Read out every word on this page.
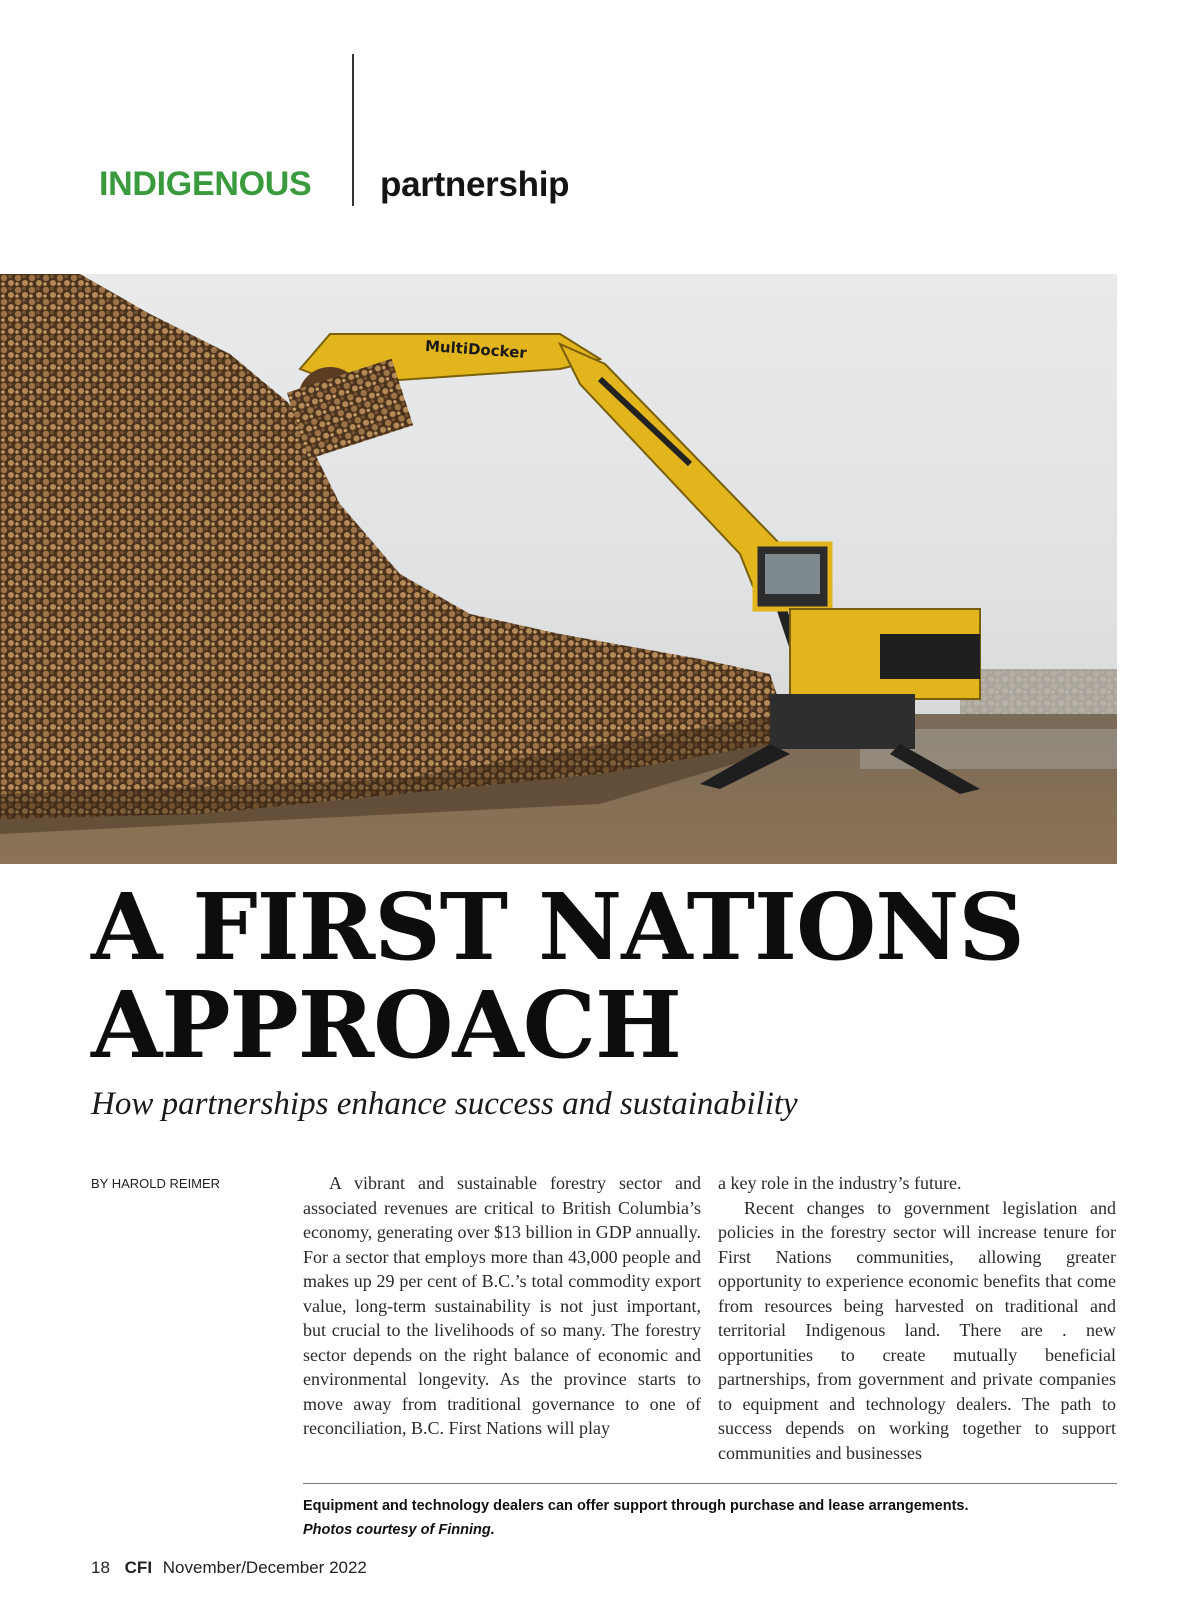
INDIGENOUS partnership
MultiDocker
A FIRST NATIONS APPROACH
How partnerships enhance success and sustainability
BY HAROLD REIMER	A vibrant and sustainable forestry sector and associated revenues are critical to British Columbia’s economy, generating over $13 billion in GDP annually. For a sector that employs more than 43,000 people and makes up 29 per cent of B.C.’s total commodity export value, long-term sustainability is not just important, but crucial to the livelihoods of so many. The forestry sector depends on the right balance of economic and environmental longevity. As the province starts to move away from traditional governance to one of reconciliation, B.C. First Nations will play

a key role in the industry’s future.

Recent changes to government legislation and policies in the forestry sector will increase tenure for First Nations communities, allowing greater opportunity to experience economic benefits that come from resources being harvested on traditional and territorial Indigenous land. There are . new opportunities to create mutually beneficial partnerships, from government and private companies to equipment and technology dealers. The path to success depends on working together to support communities and businesses

Equipment and technology dealers can offer support through purchase and lease arrangements.
Photos courtesy of Finning.
18 CFI November/December 2022
